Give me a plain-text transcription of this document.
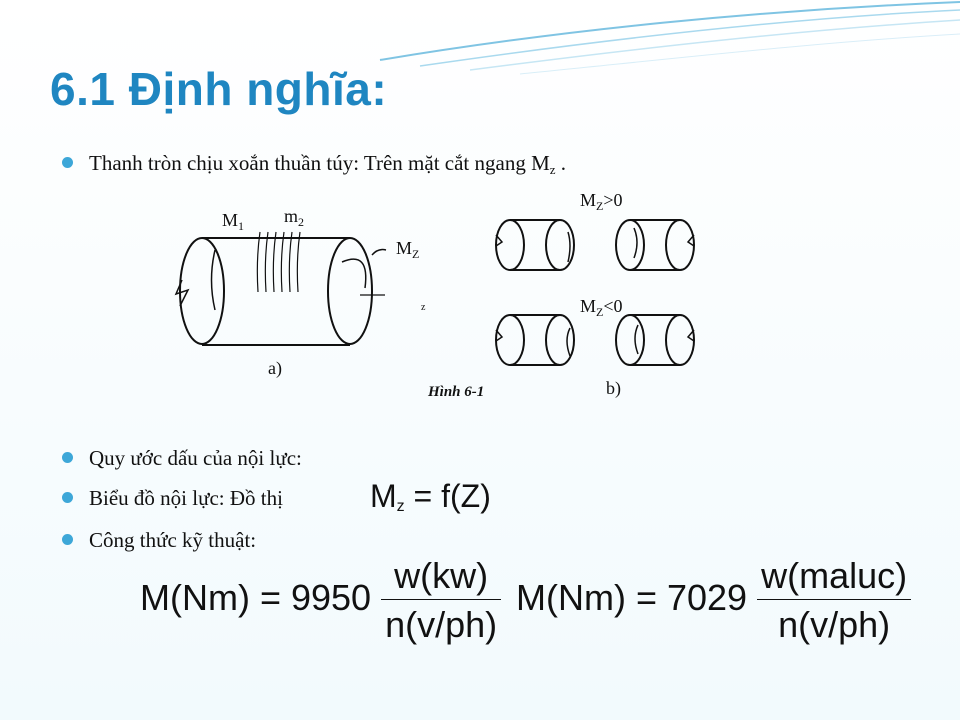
6.1 Định nghĩa:
Thanh tròn chịu xoắn thuần túy: Trên mặt cắt ngang $M_z$ .
$M_1$ $m_2$
$M_Z$
z
a)
b)
Hình 6-1
$M_Z>0$
$M_Z<0$
Quy ước dấu của nội lực:
Biểu đồ nội lực: Đồ thị	$M_z = f(Z)$
Công thức kỹ thuật:
$M(Nm) = 9950 \frac{w(kw)}{n(v/ph)} M(Nm) = 7029 \frac{\text{w(maluc)}}{n(v/ph)}$
